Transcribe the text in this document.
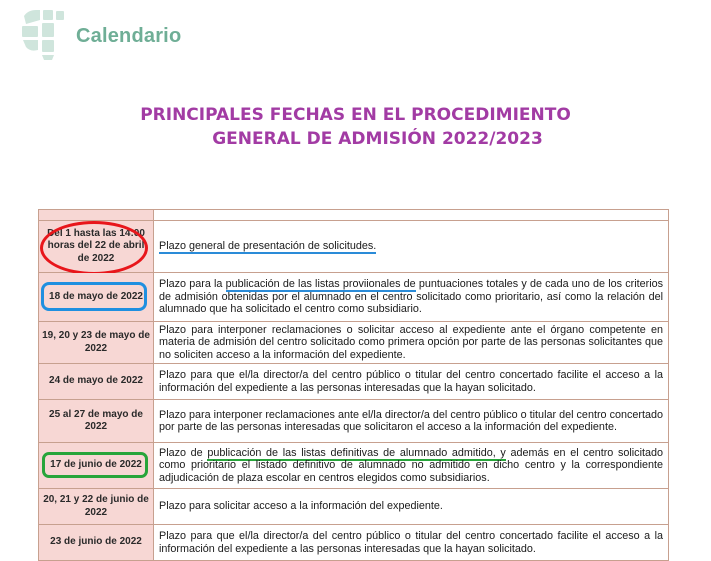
Calendario
PRINCIPALES FECHAS EN EL PROCEDIMIENTO
GENERAL DE ADMISIÓN 2022/2023

Del 1 hasta las 14:00 horas del 22 de abril de 2022	Plazo general de presentación de solicitudes.

18 de mayo de 2022	Plazo para la publicación de las listas proviionales de puntuaciones totales y de cada uno de los criterios de admisión obtenidas por el alumnado en el centro solicitado como prioritario, así como la relación del alumnado que ha solicitado el centro como subsidiario.
19, 20 y 23 de mayo de 2022	Plazo para interponer reclamaciones o solicitar acceso al expediente ante el órgano competente en materia de admisión del centro solicitado como primera opción por parte de las personas solicitantes que no soliciten acceso a la información del expediente.
24 de mayo de 2022	Plazo para que el/la director/a del centro público o titular del centro concertado facilite el acceso a la información del expediente a las personas interesadas que la hayan solicitado.
25 al 27 de mayo de 2022	Plazo para interponer reclamaciones ante el/la director/a del centro público o titular del centro concertado por parte de las personas interesadas que solicitaron el acceso a la información del expediente.

17 de junio de 2022	Plazo de publicación de las listas definitivas de alumnado admitido, y además en el centro solicitado como prioritario el listado definitivo de alumnado no admitido en dicho centro y la correspondiente adjudicación de plaza escolar en centros elegidos como subsidiarios.
20, 21 y 22 de junio de 2022	Plazo para solicitar acceso a la información del expediente.
23 de junio de 2022	Plazo para que el/la director/a del centro público o titular del centro concertado facilite el acceso a la información del expediente a las personas interesadas que la hayan solicitado.
